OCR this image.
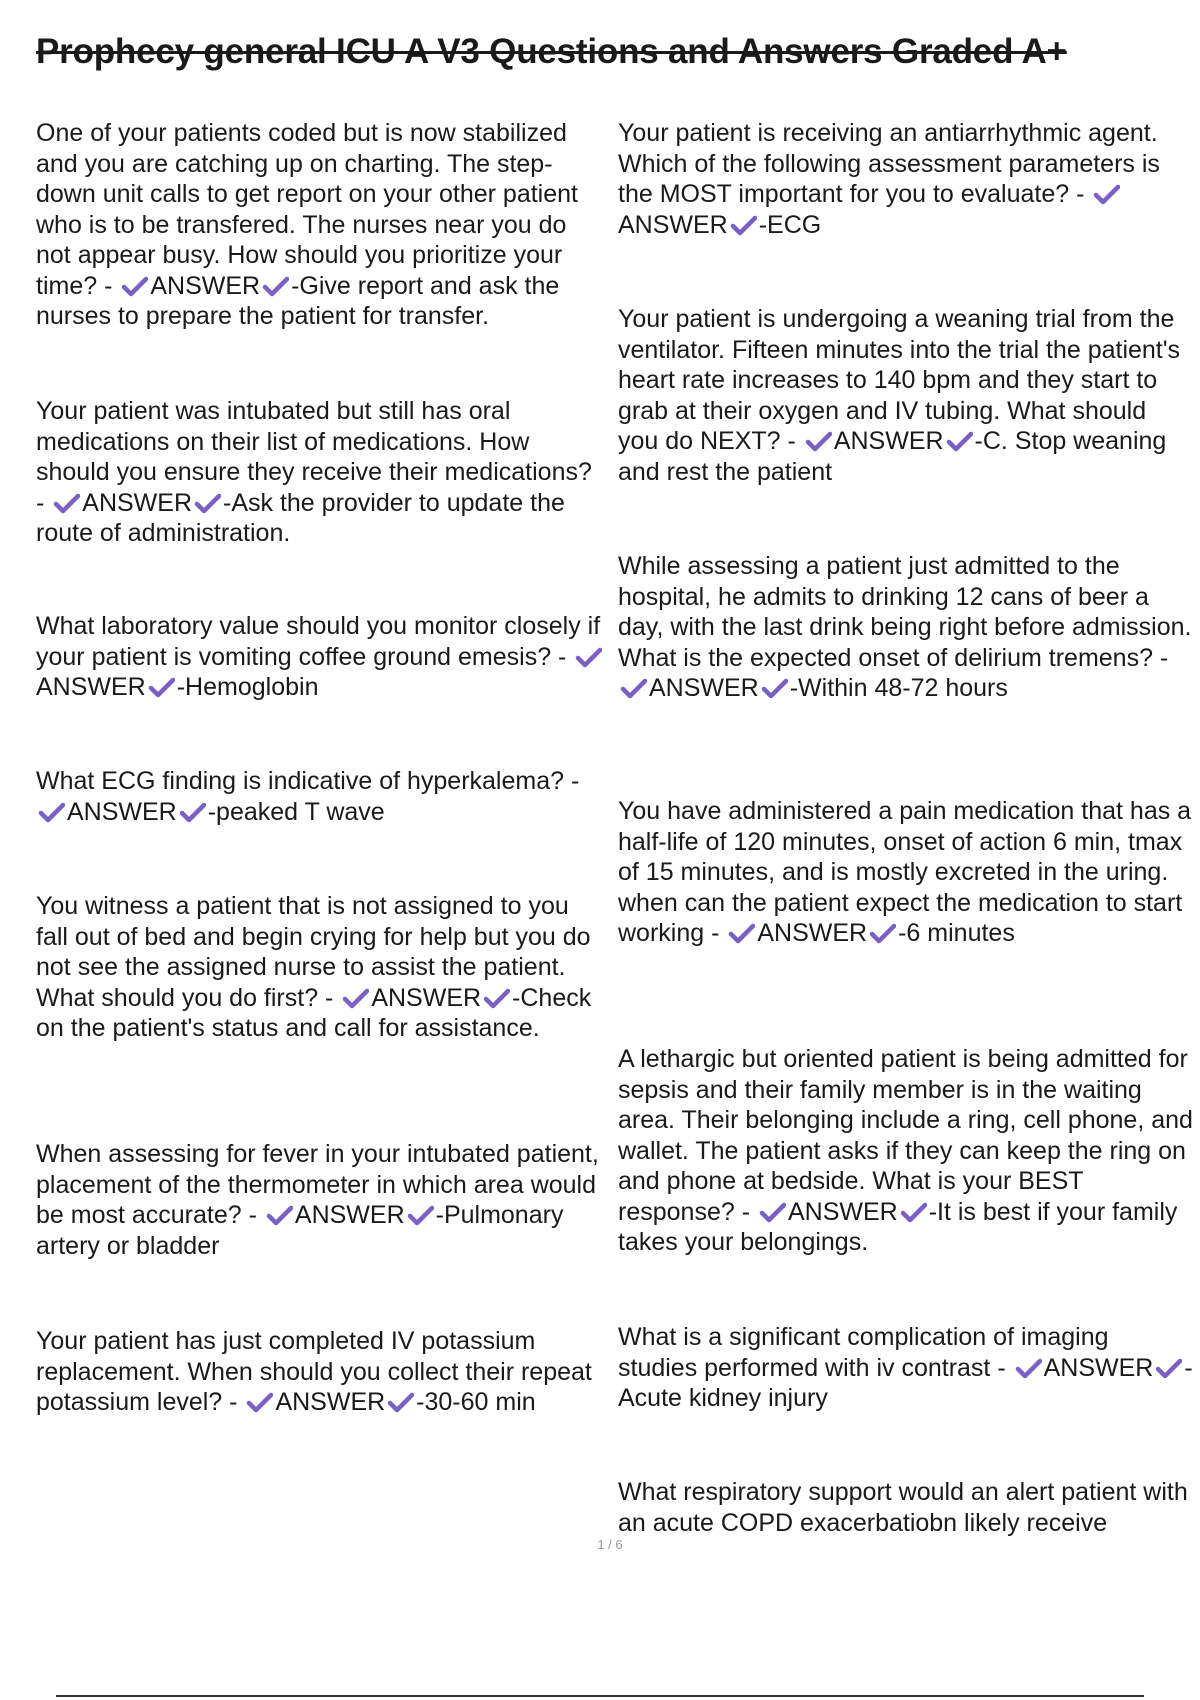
Prophecy general ICU A V3 Questions and Answers Graded A+

One of your patients coded but is now stabilized and you are catching up on charting. The step-down unit calls to get report on your other patient who is to be transfered. The nurses near you do not appear busy. How should you prioritize your time? -
ANSWER -Give report and ask the nurses to prepare the patient for transfer.

Your patient was intubated but still has oral medications on their list of medications. How should you ensure they receive their medications? -
ANSWER -Ask the provider to update the route of administration.

What laboratory value should you monitor closely if your patient is vomiting coffee ground emesis? -
ANSWER -Hemoglobin

What ECG finding is indicative of hyperkalema? -
ANSWER -peaked T wave

You witness a patient that is not assigned to you fall out of bed and begin crying for help but you do not see the assigned nurse to assist the patient. What should you do first? -
ANSWER -Check on the patient's status and call for assistance.

When assessing for fever in your intubated patient, placement of the thermometer in which area would be most accurate? -
ANSWER -Pulmonary artery or bladder

Your patient has just completed IV potassium replacement. When should you collect their repeat potassium level? -
ANSWER -30-60 min

Your patient is receiving an antiarrhythmic agent. Which of the following assessment parameters is the MOST important for you to evaluate? -
ANSWER -ECG

Your patient is undergoing a weaning trial from the ventilator. Fifteen minutes into the trial the patient's heart rate increases to 140 bpm and they start to grab at their oxygen and IV tubing. What should you do NEXT? -
ANSWER -C. Stop weaning and rest the patient

While assessing a patient just admitted to the hospital, he admits to drinking 12 cans of beer a day, with the last drink being right before admission. What is the expected onset of delirium tremens? -
ANSWER -Within 48-72 hours

You have administered a pain medication that has a half-life of 120 minutes, onset of action 6 min, tmax of 15 minutes, and is mostly excreted in the uring. when can the patient expect the medication to start working -
ANSWER -6 minutes

A lethargic but oriented patient is being admitted for sepsis and their family member is in the waiting area. Their belonging include a ring, cell phone, and wallet. The patient asks if they can keep the ring on and phone at bedside. What is your BEST response? -
ANSWER -It is best if your family takes your belongings.

What is a significant complication of imaging studies performed with iv contrast -
ANSWER -Acute kidney injury

What respiratory support would an alert patient with an acute COPD exacerbatiobn likely receive

1 / 6
